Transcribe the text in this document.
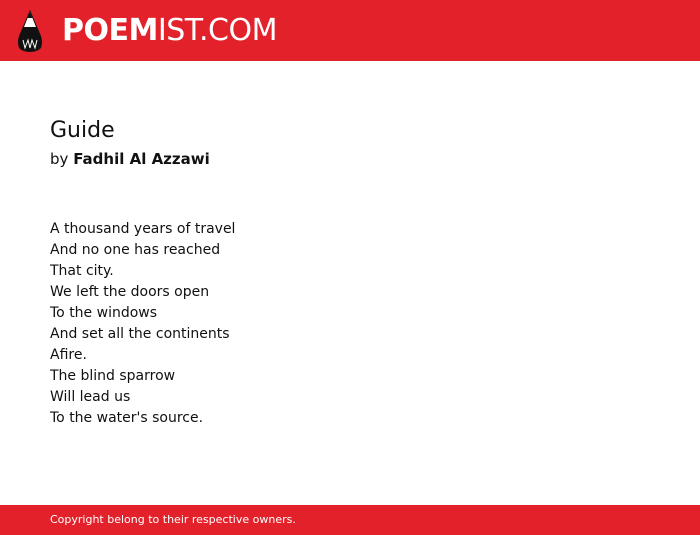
POEMIST.COM
Guide
by Fadhil Al Azzawi
A thousand years of travel
And no one has reached
That city.
We left the doors open
To the windows
And set all the continents
Afire.
The blind sparrow
Will lead us
To the water's source.
Copyright belong to their respective owners.
